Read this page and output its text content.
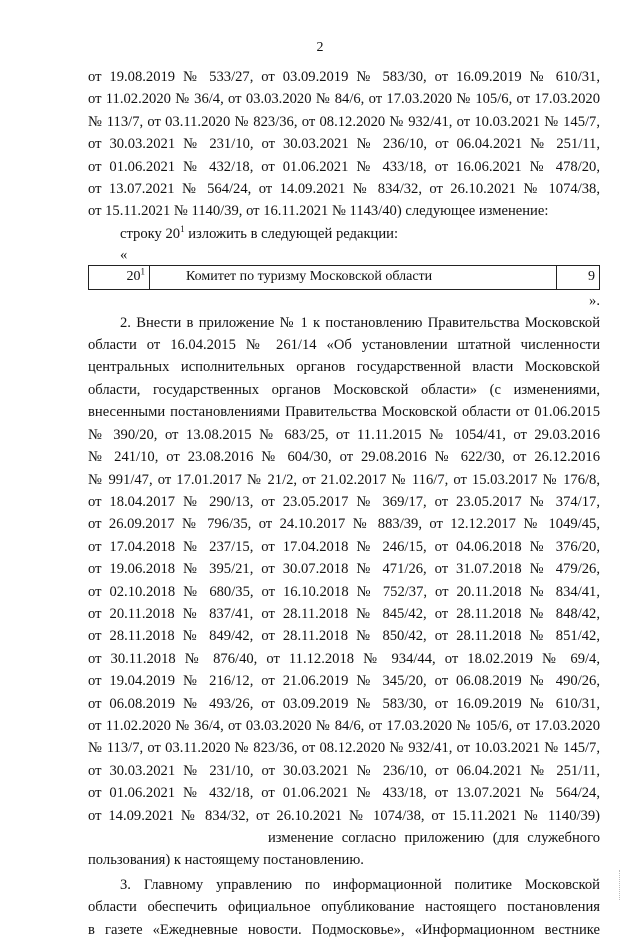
2
от 19.08.2019 № 533/27, от 03.09.2019 № 583/30, от 16.09.2019 № 610/31,
от 11.02.2020 № 36/4, от 03.03.2020 № 84/6, от 17.03.2020 № 105/6, от 17.03.2020
№ 113/7, от 03.11.2020 № 823/36, от 08.12.2020 № 932/41, от 10.03.2021 № 145/7,
от 30.03.2021 № 231/10, от 30.03.2021 № 236/10, от 06.04.2021 № 251/11,
от 01.06.2021 № 432/18, от 01.06.2021 № 433/18, от 16.06.2021 № 478/20,
от 13.07.2021 № 564/24, от 14.09.2021 № 834/32, от 26.10.2021 № 1074/38,
от 15.11.2021 № 1140/39, от 16.11.2021 № 1143/40) следующее изменение:
строку $20^1$ изложить в следующей редакции:
«
$20^1$	Комитет по туризму Московской области	9
».
2. Внести в приложение № 1 к постановлению Правительства Московской
области от 16.04.2015 № 261/14 «Об установлении штатной численности
центральных исполнительных органов государственной власти Московской
области, государственных органов Московской области» (с изменениями,
внесенными постановлениями Правительства Московской области от 01.06.2015
№ 390/20, от 13.08.2015 № 683/25, от 11.11.2015 № 1054/41, от 29.03.2016
№ 241/10, от 23.08.2016 № 604/30, от 29.08.2016 № 622/30, от 26.12.2016
№ 991/47, от 17.01.2017 № 21/2, от 21.02.2017 № 116/7, от 15.03.2017 № 176/8,
от 18.04.2017 № 290/13, от 23.05.2017 № 369/17, от 23.05.2017 № 374/17,
от 26.09.2017 № 796/35, от 24.10.2017 № 883/39, от 12.12.2017 № 1049/45,
от 17.04.2018 № 237/15, от 17.04.2018 № 246/15, от 04.06.2018 № 376/20,
от 19.06.2018 № 395/21, от 30.07.2018 № 471/26, от 31.07.2018 № 479/26,
от 02.10.2018 № 680/35, от 16.10.2018 № 752/37, от 20.11.2018 № 834/41,
от 20.11.2018 № 837/41, от 28.11.2018 № 845/42, от 28.11.2018 № 848/42,
от 28.11.2018 № 849/42, от 28.11.2018 № 850/42, от 28.11.2018 № 851/42,
от 30.11.2018 № 876/40, от 11.12.2018 № 934/44, от 18.02.2019 № 69/4,
от 19.04.2019 № 216/12, от 21.06.2019 № 345/20, от 06.08.2019 № 490/26,
от 06.08.2019 № 493/26, от 03.09.2019 № 583/30, от 16.09.2019 № 610/31,
от 11.02.2020 № 36/4, от 03.03.2020 № 84/6, от 17.03.2020 № 105/6, от 17.03.2020
№ 113/7, от 03.11.2020 № 823/36, от 08.12.2020 № 932/41, от 10.03.2021 № 145/7,
от 30.03.2021 № 231/10, от 30.03.2021 № 236/10, от 06.04.2021 № 251/11,
от 01.06.2021 № 432/18, от 01.06.2021 № 433/18, от 13.07.2021 № 564/24,
от 14.09.2021 № 834/32, от 26.10.2021 № 1074/38, от 15.11.2021 № 1140/39)
изменение согласно приложению (для служебного
пользования) к настоящему постановлению.
3. Главному управлению по информационной политике Московской
области обеспечить официальное опубликование настоящего постановления
в газете «Ежедневные новости. Подмосковье», «Информационном вестнике
